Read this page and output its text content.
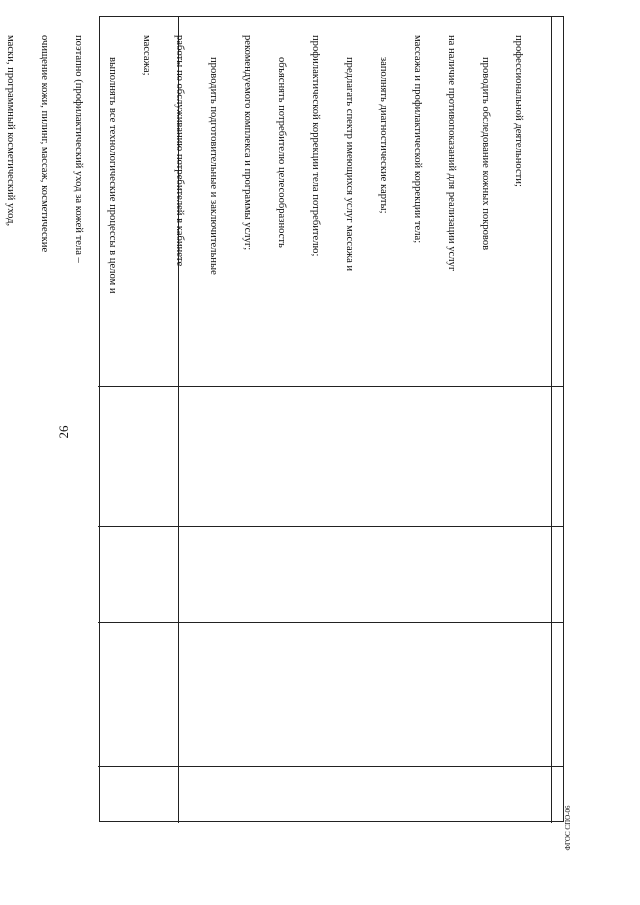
26

профессиональной деятельности;

проводить обследование кожных покровов

на наличие противопоказаний для реализации услуг

массажа и профилактической коррекции тела;

заполнять диагностические карты;

предлагать спектр имеющихся услуг массажа и

профилактической коррекции тела потребителю;

объяснять потребителю целесообразность

рекомендуемого комплекса и программы услуг;

проводить подготовительные и заключительные

работы по обслуживанию потребителей в кабинете

массажа;

выполнять все технологические процессы в целом и

поэтапно (профилактический уход за кожей тела –

очищение кожи, пилинг, массаж, косметические

маски, программный косметический уход,

ФГОС СПО-06
